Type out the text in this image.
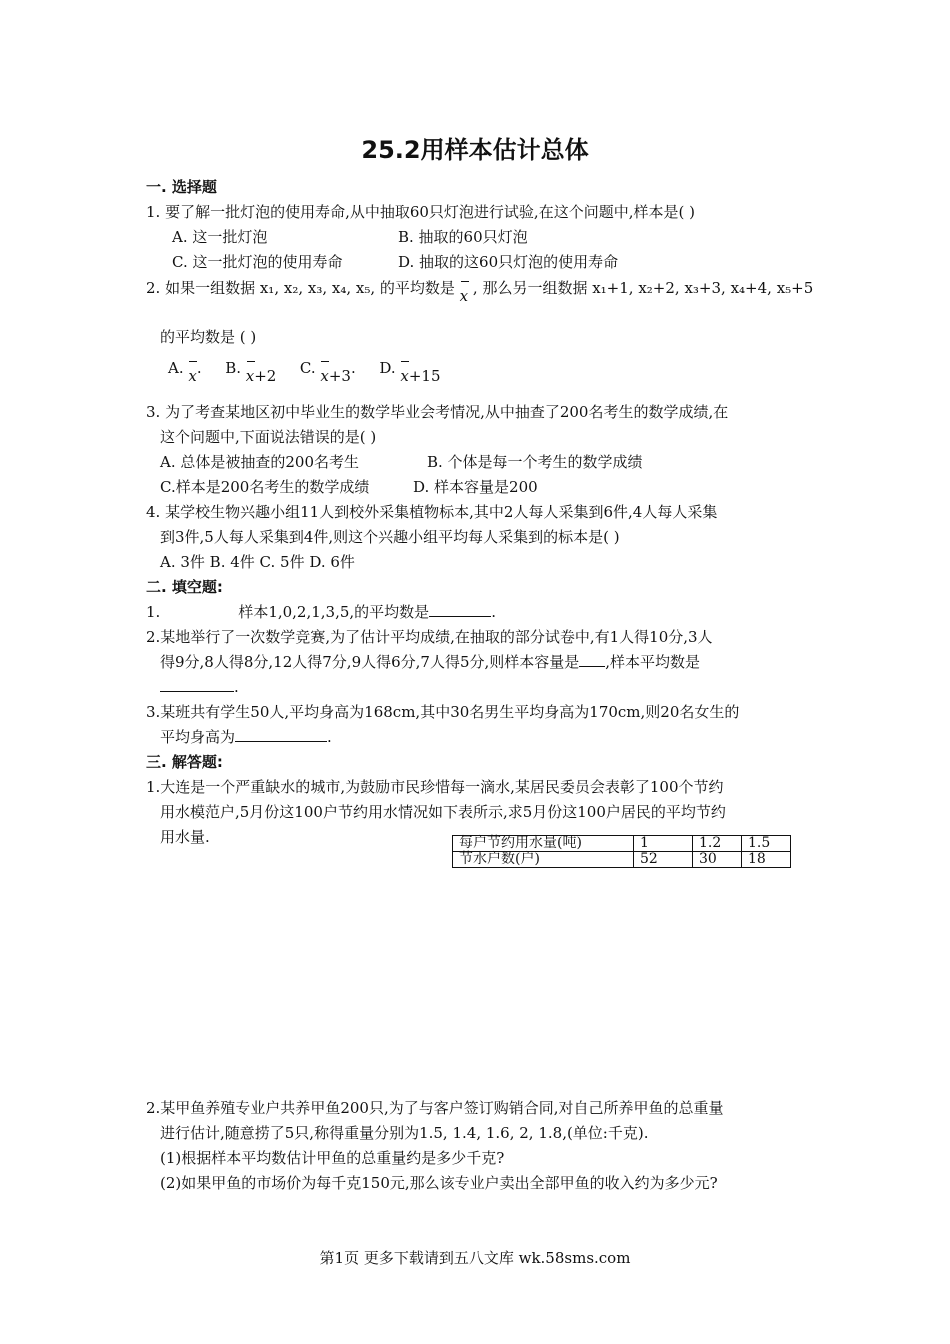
25.2用样本估计总体
一. 选择题
1. 要了解一批灯泡的使用寿命,从中抽取60只灯泡进行试验,在这个问题中,样本是( )
A. 这一批灯泡	B. 抽取的60只灯泡
C. 这一批灯泡的使用寿命	D. 抽取的这60只灯泡的使用寿命
2. 如果一组数据 x₁, x₂, x₃, x₄, x₅, 的平均数是
x , 那么另一组数据 x₁+1, x₂+2, x₃+3, x₄+4, x₅+5
的平均数是 ( )
A.
x. B.
x+2 C.
x+3. D.
x+15
3. 为了考查某地区初中毕业生的数学毕业会考情况,从中抽查了200名考生的数学成绩,在
这个问题中,下面说法错误的是( )
A. 总体是被抽查的200名考生	B. 个体是每一个考生的数学成绩
C.样本是200名考生的数学成绩	D. 样本容量是200
4. 某学校生物兴趣小组11人到校外采集植物标本,其中2人每人采集到6件,4人每人采集
到3件,5人每人采集到4件,则这个兴趣小组平均每人采集到的标本是( )
A. 3件 B. 4件 C. 5件 D. 6件
二. 填空题:
1.	样本1,0,2,1,3,5,的平均数是	.
2.某地举行了一次数学竞赛,为了估计平均成绩,在抽取的部分试卷中,有1人得10分,3人
得9分,8人得8分,12人得7分,9人得6分,7人得5分,则样本容量是 ,样本平均数是
.
3.某班共有学生50人,平均身高为168cm,其中30名男生平均身高为170cm,则20名女生的
平均身高为	.
三. 解答题:
1.大连是一个严重缺水的城市,为鼓励市民珍惜每一滴水,某居民委员会表彰了100个节约
用水模范户,5月份这100户节约用水情况如下表所示,求5月份这100户居民的平均节约
用水量.	每户节约用水量(吨)	1	1.2	1.5
节水户数(户)	52	30	18
2.某甲鱼养殖专业户共养甲鱼200只,为了与客户签订购销合同,对自己所养甲鱼的总重量
进行估计,随意捞了5只,称得重量分别为1.5, 1.4, 1.6, 2, 1.8,(单位:千克).
(1)根据样本平均数估计甲鱼的总重量约是多少千克?
(2)如果甲鱼的市场价为每千克150元,那么该专业户卖出全部甲鱼的收入约为多少元?
第1页 更多下载请到五八文库 wk.58sms.com
